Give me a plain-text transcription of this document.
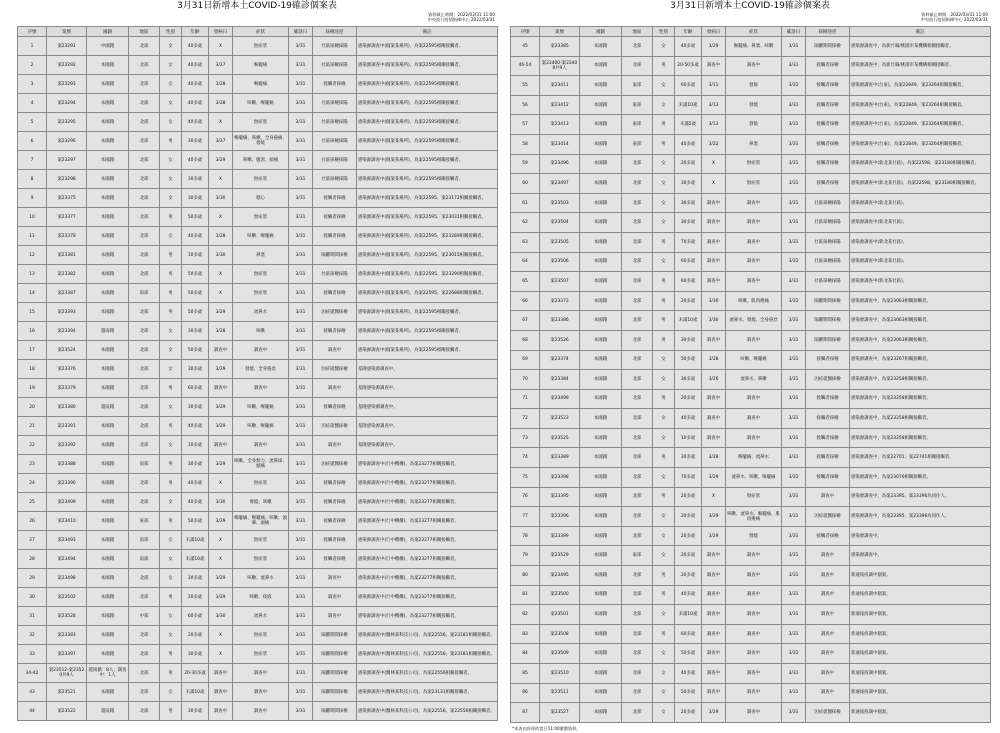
3月31日新增本土COVID-19確診個案表
資料截止時間：2022/03/31 11:00
中央流行疫情指揮中心 2022/03/31
序號	案號	國籍	地區	性別	年齡	發病日	症狀	確診日	採檢途徑	備註
1	案23291	中國籍	北部	女	40多歲	X	無症狀	3/31	社區採檢採陽	感染源調查中(個案某場所)，為案22595相關接觸者。
2	案23292	本國籍	北部	女	40多歲	3/27	喉嚨痛	3/31	社區採檢採陽	感染源調查中(個案某場所)，為案22595相關接觸者。
3	案23293	本國籍	北部	女	40多歲	3/28	喉嚨痛	3/31	接觸者採檢	感染源調查中(個案某場所)，為案22595相關接觸者。
4	案23294	本國籍	北部	女	40多歲	3/28	咳嗽、喉嚨痛	3/31	社區採檢採陽	感染源調查中(個案某場所)，為案22595相關接觸者。
5	案23295	本國籍	北部	女	40多歲	X	無症狀	3/31	社區採檢採陽	感染源調查中(個案某場所)，為案22595相關接觸者。
6	案23296	本國籍	北部	男	30多歲	3/27	喉嚨癢、咳嗽、全身倦痛、發燒	3/31	社區採檢採陽	感染源調查中(個案某場所)，為案22595相關接觸者。
7	案23297	本國籍	北部	女	40多歲	3/29	咳嗽、腹瀉、頭痛	3/31	社區採檢採陽	感染源調查中(個案某場所)，為案22595相關接觸者。
8	案23298	本國籍	北部	女	30多歲	X	無症狀	3/31	社區採檢採陽	感染源調查中(個案某場所)，為案22595相關接觸者。
9	案23375	本國籍	北部	女	30多歲	3/30	噁心	3/31	接觸者採檢	感染源調查中(個案某場所)，為案22595、案23172相關接觸者。
10	案23377	本國籍	北部	男	50多歲	X	無症狀	3/31	接觸者採檢	感染源調查中(個案某場所)，為案22595、案23031相關接觸者。
11	案23378	本國籍	北部	女	40多歲	3/28	咳嗽、喉嚨痛	3/31	接觸者採檢	感染源調查中(個案某場所)，為案22595、案23289相關接觸者。
12	案23381	本國籍	北部	男	10多歲	3/30	鼻塞	3/31	隔離期間採檢	感染源調查中(個案某場所)，為案22595、案23015相關接觸者。
13	案23382	本國籍	北部	男	50多歲	X	無症狀	3/31	社區採檢採陽	感染源調查中(個案某場所)，為案22595、案23290相關接觸者。
14	案23387	本國籍	南部	男	50多歲	X	無症狀	3/31	接觸者採檢	感染源調查中(個案某場所)，為案22595、案22688相關接觸者。
15	案23393	本國籍	北部	男	50多歲	3/29	流鼻水	3/31	因症就醫採檢	感染源調查中(個案某場所)，為案22595相關接觸者。
16	案23394	越南籍	北部	女	30多歲	3/28	咳嗽	3/31	接觸者採檢	感染源調查中(個案某場所)，為案22595相關接觸者。
17	案23524	本國籍	北部	女	50多歲	調查中	調查中	3/31	調查中	感染源調查中(個案某場所)，為案22595相關接觸者。
18	案23376	本國籍	北部	女	30多歲	3/29	發燒、全身倦怠	3/31	因症就醫採檢	基隆感染源調查中。
19	案23379	本國籍	北部	男	60多歲	調查中	調查中	3/31	調查中	基隆感染源調查中。
20	案23380	越南籍	北部	女	30多歲	3/29	咳嗽、喉嚨痛	3/31	接觸者採檢	基隆感染源調查中。
21	案23391	本國籍	北部	男	40多歲	3/29	咳嗽、喉嚨痛	3/31	因症就醫採檢	基隆感染源調查中。
22	案23392	本國籍	北部	女	10多歲	調查中	調查中	3/31	調查中	基隆感染源調查中。
23	案23388	本國籍	南部	男	30多歲	3/29	咳嗽、全身無力、流鼻涕、頭痛	3/31	因症就醫採檢	感染源調查中(行中機構)，為案23277相關接觸者。
24	案23390	本國籍	北部	男	40多歲	X	無症狀	3/31	接觸者採檢	感染源調查中(行中機構)，為案23277相關接觸者。
25	案23409	本國籍	北部	女	40多歲	3/30	發燒、咳嗽	3/31	接觸者採檢	感染源調查中(行中機構)，為案23277相關接觸者。
26	案23410	本國籍	東部	男	50多歲	3/29	喉嚨癢、喉嚨痛、咳嗽、頭暈、頭痛	3/31	接觸者採檢	感染源調查中(行中機構)，為案23277相關接觸者。
27	案23493	本國籍	南部	女	未滿10歲	X	無症狀	3/31	接觸者採檢	感染源調查中(行中機構)，為案23277相關接觸者。
28	案23494	本國籍	南部	女	未滿10歲	X	無症狀	3/31	接觸者採檢	感染源調查中(行中機構)，為案23277相關接觸者。
29	案23498	本國籍	北部	女	30多歲	3/29	咳嗽、流鼻水	3/31	調查中	感染源調查中(行中機構)，為案23277相關接觸者。
30	案23502	本國籍	北部	男	20多歲	3/29	咳嗽、痰液	3/31	調查中	感染源調查中(行中機構)，為案23277相關接觸者。
31	案23528	本國籍	中部	女	60多歲	3/30	流鼻水	3/31	調查中	感染源調查中(行中機構)，為案23277相關接觸者。
32	案23383	本國籍	北部	女	20多歲	X	無症狀	3/31	隔離期間採檢	感染源調查中(醫林某科技公司)，為案22556、案23181相關接觸者。
33	案23397	本國籍	北部	男	30多歲	X	無症狀	3/31	隔離期間採檢	感染源調查中(醫林某科技公司)，為案22556、案23181相關接觸者。
34-42	案23512-案23520共9人	越南籍：8人、調查中：1人	北部	男	20-30多歲	調查中	調查中	3/31	隔離期間採檢	感染源調查中(醫林某科技公司)，為案22556相關接觸者。
43	案23521	本國籍	北部	女	未滿10歲	調查中	調查中	3/31	隔離期間採檢	感染源調查中(醫林某科技公司)，為案23131相關接觸者。
44	案23522	越南籍	北部	男	30多歲	調查中	調查中	3/31	隔離期間採檢	感染源調查中(醫林某科技公司)，為案22556、案22556相關接觸者。
3月31日新增本土COVID-19確診個案表
資料截止時間：2022/03/31 11:00
中央流行疫情指揮中心 2022/03/31
序號	案號	國籍	地區	性別	年齡	發病日	症狀	確診日	採檢途徑	備註
45	案23385	本國籍	北部	女	40多歲	3/29	喉嚨痛、鼻塞、咳嗽	3/31	隔離期間採檢	感染源調查中，為新竹縣/桃園市某機構相關接觸者。
46-54	案23400-案23408共9人	本國籍	北部	男	20-50多歲	調查中	調查中	3/31	接觸者採檢	感染源調查中，為新竹縣/桃園市某機構相關接觸者。
55	案23411	本國籍	東部	女	60多歲	3/11	發燒	3/31	接觸者採檢	感染源調查中(台東)，為案22849、案23264相關接觸者。
56	案23412	本國籍	東部	女	未滿10歲	3/13	發燒	3/31	接觸者採檢	感染源調查中(台東)，為案22849、案23264相關接觸者。
57	案23413	本國籍	東部	男	未滿5歲	3/13	發燒	3/31	接觸者採檢	感染源調查中(台東)，為案22849、案23264相關接觸者。
58	案23414	本國籍	東部	男	40多歲	3/22	鼻塞	3/31	接觸者採檢	感染源調查中(台東)，為案22849、案23264相關接觸者。
59	案23496	本國籍	北部	女	20多歲	X	無症狀	3/31	接觸者採檢	感染源調查中(新北某社區)，為案22598、案23180相關接觸者。
60	案23497	本國籍	北部	女	30多歲	X	無症狀	3/31	接觸者採檢	感染源調查中(新北某社區)，為案22598、案23180相關接觸者。
61	案23503	本國籍	北部	女	30多歲	調查中	調查中	3/31	社區採檢採陽	感染源調查中(新北某社區)。
62	案23504	本國籍	北部	女	30多歲	調查中	調查中	3/31	社區採檢採陽	感染源調查中(新北某社區)。
63	案23505	本國籍	北部	男	70多歲	調查中	調查中	3/31	社區採檢採陽	感染源調查中(新北某社區)。
64	案23506	本國籍	北部	女	60多歲	調查中	調查中	3/31	社區採檢採陽	感染源調查中(新北某社區)。
65	案23507	本國籍	北部	男	60多歲	調查中	調查中	3/31	社區採檢採陽	感染源調查中(新北某社區)。
66	案23373	本國籍	北部	男	20多歲	3/30	咳嗽、肌肉痠痛	3/31	隔離期間採檢	感染源調查中，為案23063相關接觸者。
67	案23386	本國籍	北部	男	未滿10歲	3/30	流鼻水、發燒、全身倦怠	3/31	隔離期間採檢	感染源調查中，為案23063相關接觸者。
68	案23526	本國籍	北部	男	30多歲	調查中	調查中	3/31	隔離期間採檢	感染源調查中，為案23063相關接觸者。
69	案23374	本國籍	北部	女	50多歲	3/28	咳嗽、喉嚨痛	3/31	接觸者採檢	感染源調查中，為案23267相關接觸者。
70	案23384	本國籍	北部	女	30多歲	3/26	流鼻水、咳嗽	3/31	因症就醫採檢	感染源調查中，為案23258相關接觸者。
71	案23499	本國籍	北部	男	20多歲	調查中	調查中	3/31	接觸者採檢	感染源調查中，為案23258相關接觸者。
72	案23523	本國籍	北部	女	40多歲	調查中	調查中	3/31	接觸者採檢	感染源調查中，為案23258相關接觸者。
73	案23525	本國籍	北部	女	10多歲	調查中	調查中	3/31	接觸者採檢	感染源調查中，為案23258相關接觸者。
74	案23389	本國籍	北部	男	30多歲	3/28	喉嚨癢、流鼻水	3/31	接觸者採檢	感染源調查中，為案22701、案22741相關接觸者。
75	案23398	本國籍	北部	女	70多歲	3/29	流鼻水、咳嗽、喉嚨癢	3/31	接觸者採檢	感染源調查中，為案23076相關接觸者。
76	案23395	本國籍	北部	男	20多歲	X	無症狀	3/31	調查中	感染源調查中，為案23395、案23396為同住人。
77	案23396	本國籍	北部	女	20多歲	3/29	咳嗽、流鼻水、喉嚨痛、肌肉痠痛	3/31	因症就醫採檢	感染源調查中，為案23395、案23396為同住人。
78	案23399	本國籍	北部	女	20多歲	3/29	發燒	3/31	接觸者採檢	感染源調查中。
79	案23529	本國籍	東部	女	20多歲	調查中	調查中	3/31	調查中	感染源調查中。
80	案23495	本國籍	北部	男	20多歲	調查中	調查中	3/31	調查中	新通報疫調中個案。
81	案23500	本國籍	北部	男	40多歲	調查中	調查中	3/31	調查中	新通報疫調中個案。
82	案23501	本國籍	北部	女	未滿10歲	調查中	調查中	3/31	調查中	新通報疫調中個案。
83	案23508	本國籍	北部	男	60多歲	調查中	調查中	3/31	調查中	新通報疫調中個案。
84	案23509	本國籍	北部	女	50多歲	調查中	調查中	3/31	調查中	新通報疫調中個案。
85	案23510	本國籍	北部	女	40多歲	調查中	調查中	3/31	調查中	新通報疫調中個案。
86	案23511	本國籍	北部	女	50多歲	調查中	調查中	3/31	調查中	新通報疫調中個案。
87	案23527	本國籍	北部	女	20多歲	3/29	調查中	3/31	因症就醫採檢	新通報疫調中個案。
*本表內容係依當日11:00彙整資料。
